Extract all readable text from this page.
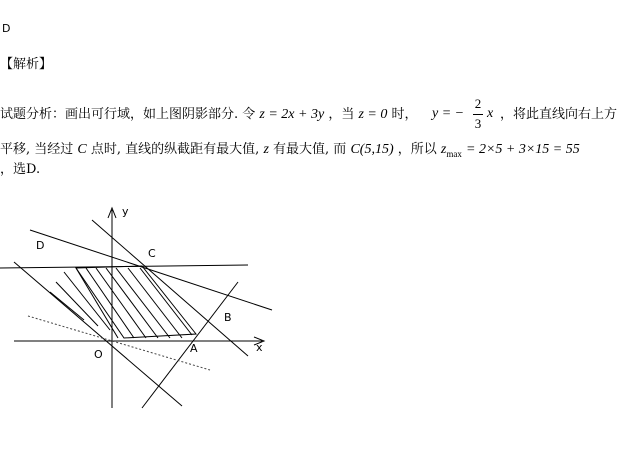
D
【解析】
试题分析：画出可行域，如上图阴影部分. 令 z = 2x + 3y ，当 z = 0 时， y = −
2
3
x ，将此直线向右上方
平移, 当经过 C 点时, 直线的纵截距有最大值, z 有最大值, 而 C(5,15) ，所以 $z_{max} = 2\times 5 + 3\times 15 = 55$
，选D.
y
x
O	A
B
C
D
